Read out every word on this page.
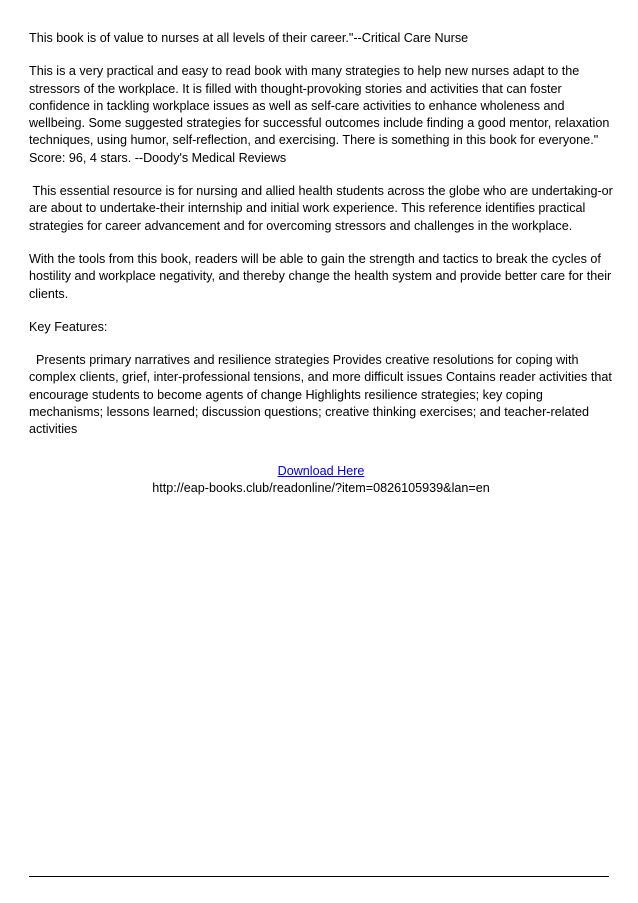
This book is of value to nurses at all levels of their career."--Critical Care Nurse

This is a very practical and easy to read book with many strategies to help new nurses adapt to the stressors of the workplace. It is filled with thought-provoking stories and activities that can foster confidence in tackling workplace issues as well as self-care activities to enhance wholeness and wellbeing. Some suggested strategies for successful outcomes include finding a good mentor, relaxation techniques, using humor, self-reflection, and exercising. There is something in this book for everyone." Score: 96, 4 stars. --Doody's Medical Reviews

This essential resource is for nursing and allied health students across the globe who are undertaking-or are about to undertake-their internship and initial work experience. This reference identifies practical strategies for career advancement and for overcoming stressors and challenges in the workplace.

With the tools from this book, readers will be able to gain the strength and tactics to break the cycles of hostility and workplace negativity, and thereby change the health system and provide better care for their clients.

Key Features:

Presents primary narratives and resilience strategies Provides creative resolutions for coping with complex clients, grief, inter-professional tensions, and more difficult issues Contains reader activities that encourage students to become agents of change Highlights resilience strategies; key coping mechanisms; lessons learned; discussion questions; creative thinking exercises; and teacher-related activities

Download Here
http://eap-books.club/readonline/?item=0826105939&lan=en
